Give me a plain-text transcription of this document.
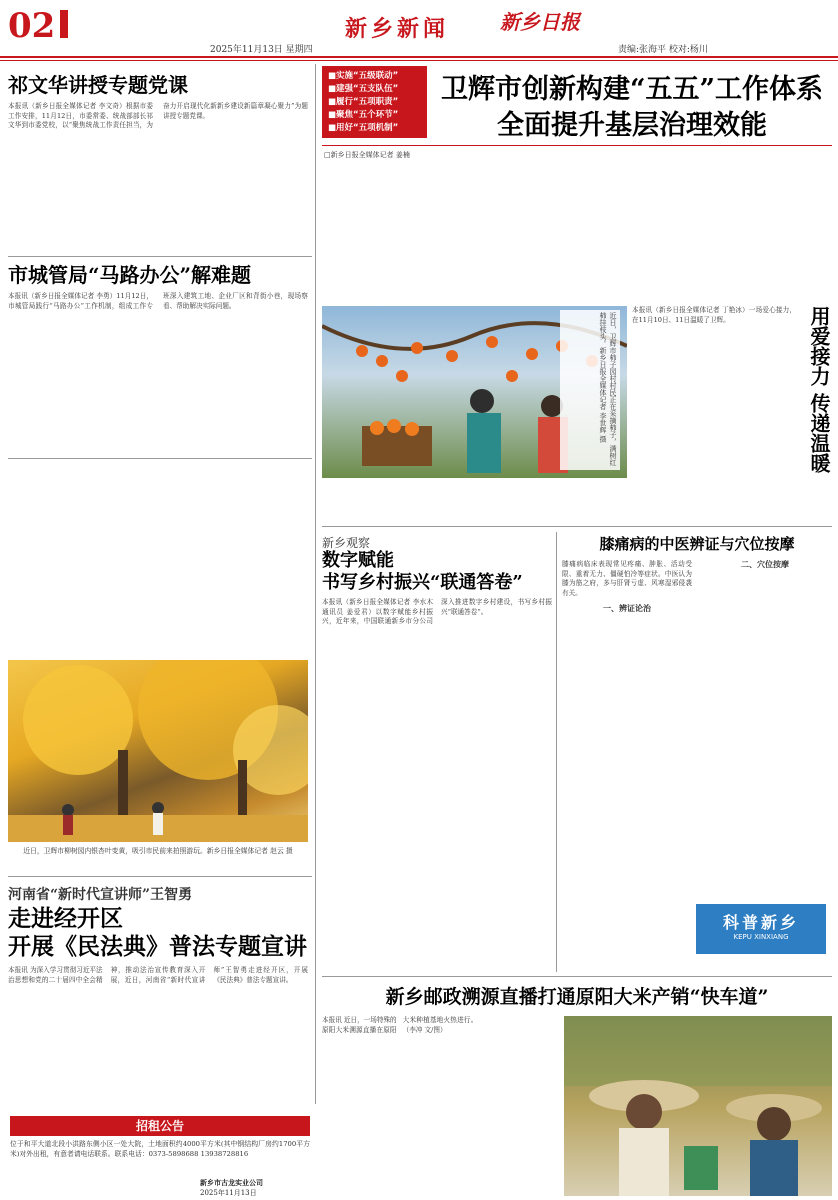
02	新乡新闻	新乡日报
2025年11月13日 星期四	责编:张海平 校对:杨川
■实施“五级联动”
■建强“五支队伍”
■履行“五项职责”
■聚焦“五个环节”
■用好“五项机制”
卫辉市创新构建“五五”工作体系
全面提升基层治理效能
□新乡日报全媒体记者 姜楠
祁文华讲授专题党课
本报讯（新乡日报全媒体记者 李文奇）根据市委工作安排，11月12日，市委常委、统战部部长祁文华到市委党校，以“聚焦统战工作责任担当，为奋力开启现代化新新乡建设新篇章凝心聚力”为题讲授专题党课。
市城管局“马路办公”解难题
本报讯（新乡日报全媒体记者 李勇）11月12日，市城管局践行“马路办公”工作机制，组成工作专班深入建筑工地、企业厂区和背街小巷，现场察看、帮助解决实际问题。
近日，卫辉市柳树园内银杏叶变黄，吸引市民前来拍照游玩。新乡日报全媒体记者 赵云 摄
河南省“新时代宣讲师”王智勇
走进经开区
开展《民法典》普法专题宣讲
本报讯 为深入学习贯彻习近平法治思想和党的二十届四中全会精神，推动法治宣传教育深入开展，近日，河南省“新时代宣讲师”王智勇走进经开区，开展《民法典》普法专题宣讲。
招租公告
位于和平大道北段小洪路东侧小区一处大院，土地面积约4000平方米(其中钢结构厂房约1700平方米)对外出租，有意者请电话联系。联系电话：0373-5898688 13938728816
新乡市古龙实业公司
2025年11月13日
近日，卫辉市柿子园村村民正在采摘柿子，满树红柿挂枝头。新乡日报全媒体记者 李世辉 摄	用爱接力 传递温暖
本报讯（新乡日报全媒体记者 丁艳冰）一场爱心接力，在11月10日、11日温暖了卫辉。
新乡观察
数字赋能
书写乡村振兴“联通答卷”
本报讯（新乡日报全媒体记者 李水木 通讯员 姜爱君）以数字赋能乡村振兴，近年来，中国联通新乡市分公司深入推进数字乡村建设，书写乡村振兴“联通答卷”。
膝痛病的中医辨证与穴位按摩
膝痛病临床表现常见疼痛、肿胀、活动受限、重着无力、僵硬怕冷等症状。中医认为膝为筋之府，多与肝肾亏虚、风寒湿邪侵袭有关。
一、辨证论治
二、穴位按摩
科普新乡
KEPU XINXIANG
新乡邮政溯源直播打通原阳大米产销“快车道”
本报讯 近日，一场特殊的原阳大米溯源直播在原阳大米种植基地火热进行。 （李冲 文/图）
